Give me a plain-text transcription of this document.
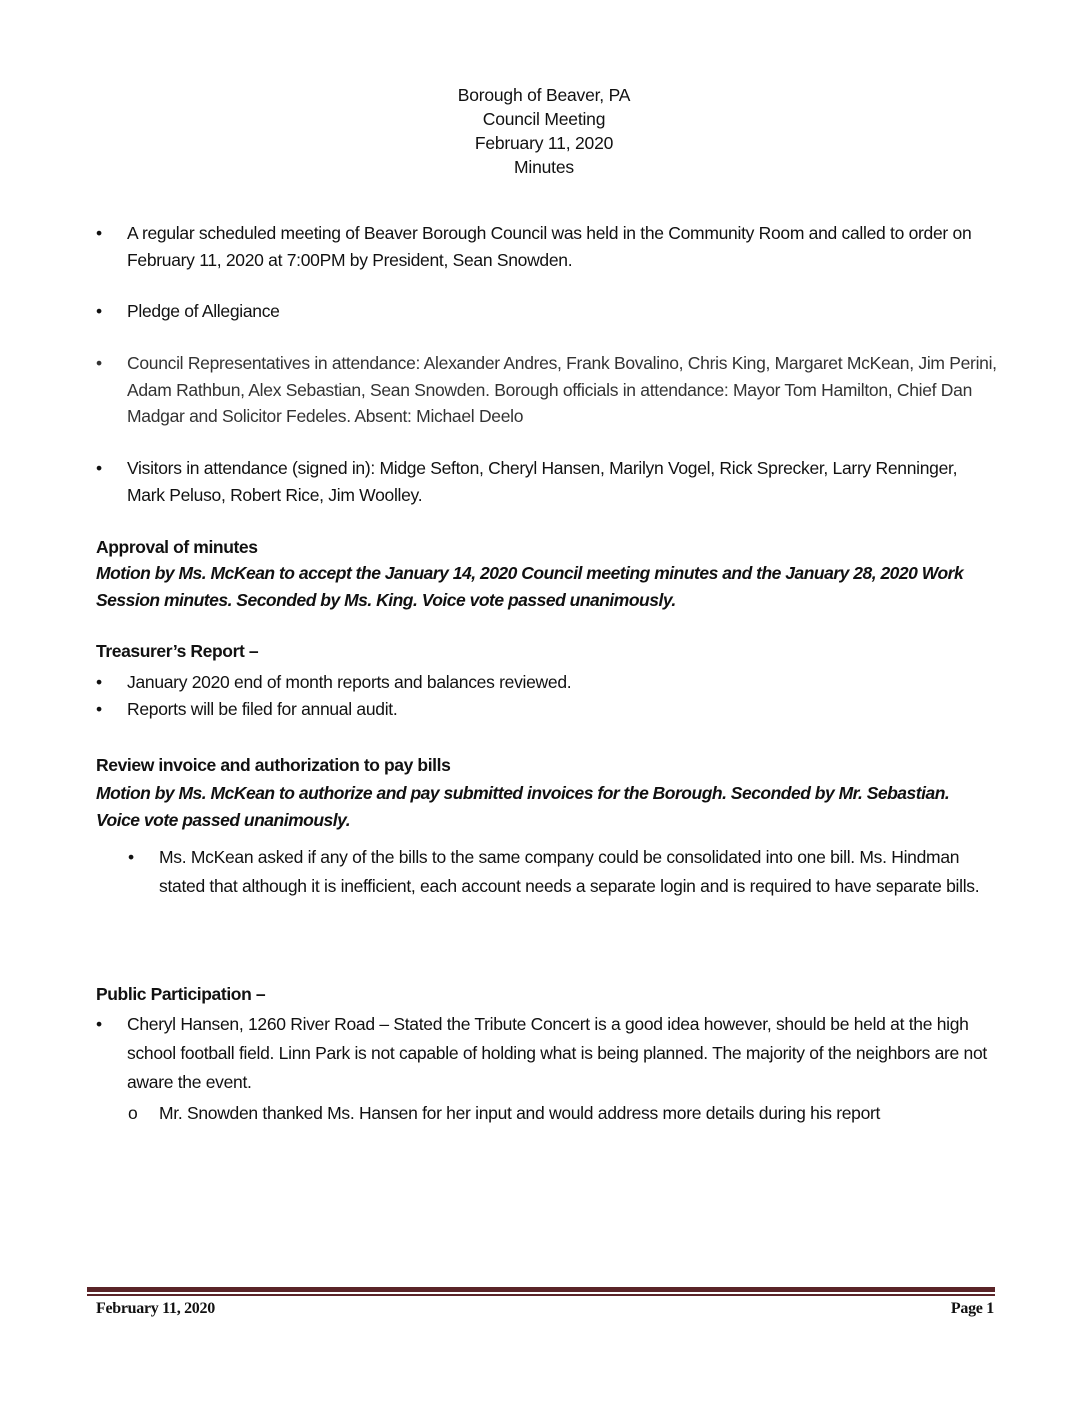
Borough of Beaver, PA
Council Meeting
February 11, 2020
Minutes
•	A regular scheduled meeting of Beaver Borough Council was held in the Community Room and called to order on February 11, 2020 at 7:00PM by President, Sean Snowden.
•	Pledge of Allegiance
•	Council Representatives in attendance: Alexander Andres, Frank Bovalino, Chris King, Margaret McKean, Jim Perini, Adam Rathbun, Alex Sebastian, Sean Snowden. Borough officials in attendance: Mayor Tom Hamilton, Chief Dan Madgar and Solicitor Fedeles. Absent: Michael Deelo
•	Visitors in attendance (signed in): Midge Sefton, Cheryl Hansen, Marilyn Vogel, Rick Sprecker, Larry Renninger, Mark Peluso, Robert Rice, Jim Woolley.
Approval of minutes
Motion by Ms. McKean to accept the January 14, 2020 Council meeting minutes and the January 28, 2020 Work Session minutes. Seconded by Ms. King. Voice vote passed unanimously.
Treasurer’s Report –
•	January 2020 end of month reports and balances reviewed.
•	Reports will be filed for annual audit.
Review invoice and authorization to pay bills
Motion by Ms. McKean to authorize and pay submitted invoices for the Borough. Seconded by Mr. Sebastian. Voice vote passed unanimously.
• Ms. McKean asked if any of the bills to the same company could be consolidated into one bill. Ms. Hindman stated that although it is inefficient, each account needs a separate login and is required to have separate bills.
Public Participation –
•	Cheryl Hansen, 1260 River Road – Stated the Tribute Concert is a good idea however, should be held at the high school football field. Linn Park is not capable of holding what is being planned. The majority of the neighbors are not aware the event.
o Mr. Snowden thanked Ms. Hansen for her input and would address more details during his report
February 11, 2020	Page 1
